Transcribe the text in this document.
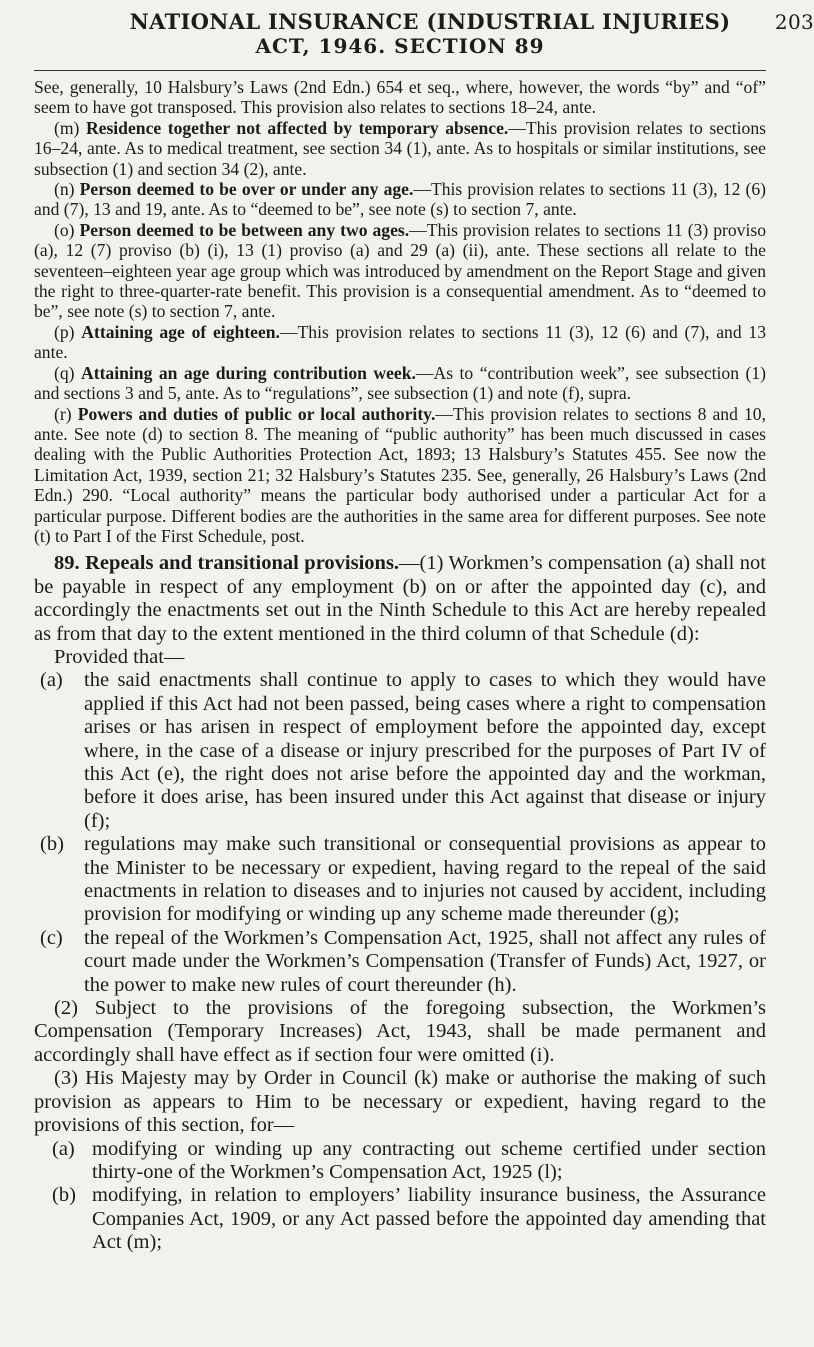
NATIONAL INSURANCE (INDUSTRIAL INJURIES) 203
ACT, 1946. SECTION 89

See, generally, 10 Halsbury’s Laws (2nd Edn.) 654 et seq., where, however, the words “by” and “of” seem to have got transposed. This provision also relates to sections 18–24, ante.

(m) Residence together not affected by temporary absence.—This provision relates to sections 16–24, ante. As to medical treatment, see section 34 (1), ante. As to hospitals or similar institutions, see subsection (1) and section 34 (2), ante.

(n) Person deemed to be over or under any age.—This provision relates to sections 11 (3), 12 (6) and (7), 13 and 19, ante. As to “deemed to be”, see note (s) to section 7, ante.

(o) Person deemed to be between any two ages.—This provision relates to sections 11 (3) proviso (a), 12 (7) proviso (b) (i), 13 (1) proviso (a) and 29 (a) (ii), ante. These sections all relate to the seventeen–eighteen year age group which was introduced by amendment on the Report Stage and given the right to three-quarter-rate benefit. This provision is a consequential amendment. As to “deemed to be”, see note (s) to section 7, ante.

(p) Attaining age of eighteen.—This provision relates to sections 11 (3), 12 (6) and (7), and 13 ante.

(q) Attaining an age during contribution week.—As to “contribution week”, see subsection (1) and sections 3 and 5, ante. As to “regulations”, see subsection (1) and note (f), supra.

(r) Powers and duties of public or local authority.—This provision relates to sections 8 and 10, ante. See note (d) to section 8. The meaning of “public authority” has been much discussed in cases dealing with the Public Authorities Protection Act, 1893; 13 Halsbury’s Statutes 455. See now the Limitation Act, 1939, section 21; 32 Halsbury’s Statutes 235. See, generally, 26 Halsbury’s Laws (2nd Edn.) 290. “Local authority” means the particular body authorised under a particular Act for a particular purpose. Different bodies are the authorities in the same area for different purposes. See note (t) to Part I of the First Schedule, post.

89. Repeals and transitional provisions.—(1) Workmen’s compensation (a) shall not be payable in respect of any employment (b) on or after the appointed day (c), and accordingly the enactments set out in the Ninth Schedule to this Act are hereby repealed as from that day to the extent mentioned in the third column of that Schedule (d):

Provided that—

(a)	the said enactments shall continue to apply to cases to which they would have applied if this Act had not been passed, being cases where a right to compensation arises or has arisen in respect of employment before the appointed day, except where, in the case of a disease or injury prescribed for the purposes of Part IV of this Act (e), the right does not arise before the appointed day and the workman, before it does arise, has been insured under this Act against that disease or injury (f);
(b) regulations may make such transitional or consequential provisions as appear to the Minister to be necessary or expedient, having regard to the repeal of the said enactments in relation to diseases and to injuries not caused by accident, including provision for modifying or winding up any scheme made thereunder (g);
(c)	the repeal of the Workmen’s Compensation Act, 1925, shall not affect any rules of court made under the Workmen’s Compensation (Transfer of Funds) Act, 1927, or the power to make new rules of court thereunder (h).

(2) Subject to the provisions of the foregoing subsection, the Workmen’s Compensation (Temporary Increases) Act, 1943, shall be made permanent and accordingly shall have effect as if section four were omitted (i).

(3) His Majesty may by Order in Council (k) make or authorise the making of such provision as appears to Him to be necessary or expedient, having regard to the provisions of this section, for—

(a) modifying or winding up any contracting out scheme certified under section thirty-one of the Workmen’s Compensation Act, 1925 (l);
(b) modifying, in relation to employers’ liability insurance business, the Assurance Companies Act, 1909, or any Act passed before the appointed day amending that Act (m);
